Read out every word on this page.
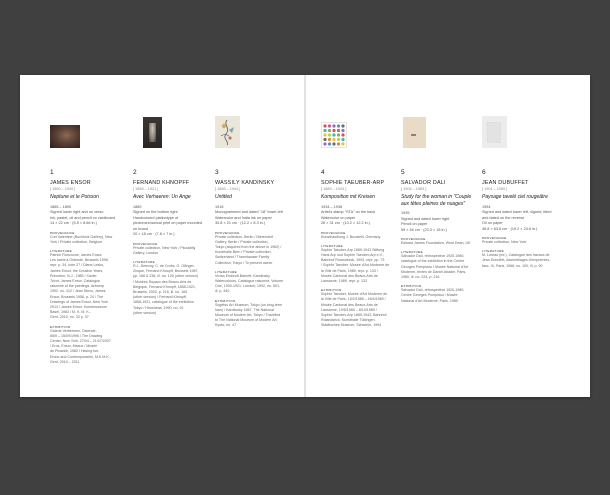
1
JAMES ENSOR
[ 1860 – 1949 ]
Neptune et le Poisson
1885 – 1890
Signed lower right and on verso
Ink, pastel, oil and pencil on cardboard
14 × 22 cm · (5.5 × 8.66 in.)
PROVENANCE
Curt Valentine (Buchholz Gallery), New
York / Private collection, Belgium
LITERATURE
Patrick Florizoone, James Ensor.
Les bains à Ostende, Brussels 1996,
repr. p. 34, note 27 / Diane Lesko,
James Ensor, the Creative Years,
Princeton, N.J., 1985 / Xavier
Tricot, James Ensor, Catalogue
raisonné of the paintings, Antwerp
1992, no. 412 / Jean Stevo, James
Ensor, Brussels 1958, p. 24 / The
Drawings of James Ensor, New York
2014 / James Ensor, Kunstmuseum
Basel, 1983 / M. K. M. K.,
Gent, 2010, no. 33 p. 37
EXHIBITION
Galerie Vertiermen, Ostende,
8/69 – 15/09/1996 / The Drawing
Center, New York, 27/04 – 21/07/2007
/ Eros, Ensor, Meaux / Musée
de Picardie, 1982 / Having fun:
Ensor and Contemporaries, M.K.M.K.,
Gent, 2010 – 2011
2
FERNAND KHNOPFF
[ 1858 – 1921 ]
Avec Verhaeren: Un Ange
1889
Signed on the bottom right
Handcolored platinotype of
photomechanical print on paper mounted
on board
20 × 18 cm · (7.8 × 7 in.)
PROVENANCE
Private collection, New York / Piccadilly
Gallery, London
LITERATURE
R.L. Delevoy, C. de Croës, G. Ollinger-
Zinque, Fernand Khnopff, Brussels 1987,
pp. 168 & 236, ill. no. 126 (other version)
/ Musées Royaux des Beaux-Arts de
Belgique, Fernand Khnopff, 1858-1921,
Brussels, 2003, p. 216, ill. no. 165
(other version) / Fernand Khnopff,
1858-1921, catalogue of the exhibition
Tokyo / Hiroshima, 1990, no. 91
(other version)
3
WASSILY KANDINSKY
[ 1866 – 1944 ]
Untitled
1918
Monogrammed and dated "18" lower left
Watercolor and India ink on paper
30.8 × 21 cm · (12.2 × 8.3 in.)
PROVENANCE
Private collection, Berlin / Nierendorf
Gallery, Berlin / Private collection,
Tokyo (acquired from the above in 1962) /
Kunsthalle Bern / Private collection,
Switzerland / Thannhauser Family
Collection, Tokyo / To present owner
LITERATURE
Vivian Endicott Barnett, Kandinsky
Watercolours, Catalogue raisonné, Volume
One, 1900-1921, London, 1992, no. 501,
ill. p. 440
EXHIBITION
Sogetsu Art Museum, Tokyo (on long-term
loan) / Kandinsky 1867, The National
Museum of Modern Art, Tokyo / Travelled
to The National Museum of Modern Art,
Kyoto, no. 47
4
SOPHIE TAEUBER-ARP
[ 1889 – 1943 ]
Komposition mit Kreisen
1934 – 1938
Artist's stamp "STA" on the back
Watercolor on paper
26 × 31 cm · (10.2 × 12.2 in.)
PROVENANCE
Kunsthandlung J. Bucarelli, Germany
LITERATURE
Sophie Taeuber-Arp 1889-1943 Stiftung
Hans Arp und Sophie Taeuber-Arp e.V.,
Bahnhof Rolandseck, 1993, repr. pp. 73
/ Sophie Taeuber, Musée d'Art Moderne de
la Ville de Paris, 1989, repr. p. 133 /
Musée Cantonal des Beaux-Arts de
Lausanne, 1989, repr. p. 133
EXHIBITION
Sophie Taeuber, Musée d'Art Moderne de
la Ville de Paris, 15/2/1989 – 16/4/1989 /
Musée Cantonal des Beaux-Arts de
Lausanne, 19/5/1989 – 8/10/1989 /
Sophie Taeuber-Arp 1889-1943, Bahnhof
Rolandseck, Kunsthalle Tübingen,
Städtisches Museum, Schwerin, 1994
5
SALVADOR DALI
[ 1904 – 1989 ]
Study for the woman in "Couple aux têtes pleines de nuages"
1935
Signed and dated lower right
Pencil on paper
59 × 46 cm · (23.3 × 18 in.)
PROVENANCE
Edward James Foundation, West Dean, UK
LITERATURE
Salvador Dalí, rétrospective 1920-1980,
catalogue of the exhibition in the Centre
Georges Pompidou / Musée National d'Art
Moderne, textes de Daniel Abadie, Paris,
1980, ill. no. 224, p. 216
EXHIBITION
Salvador Dalí, rétrospective 1920-1980,
Centre Georges Pompidou / Musée
National d'Art Moderne, Paris, 1980
6
JEAN DUBUFFET
[ 1901 – 1985 ]
Paysage tavelé ciel rougeâtre
1954
Signed and dated lower left, signed, titled
and dated on the reverse
Oil on paper
48.8 × 63.8 cm · (19.2 × 24.6 in.)
PROVENANCE
Private collection, New York
LITERATURE
M. Loreau (ed.), Catalogue des travaux de
Jean Dubuffet, Assemblages d'empreintes,
fasc. IX, Paris, 1968, no. 100, ill. p. 90
